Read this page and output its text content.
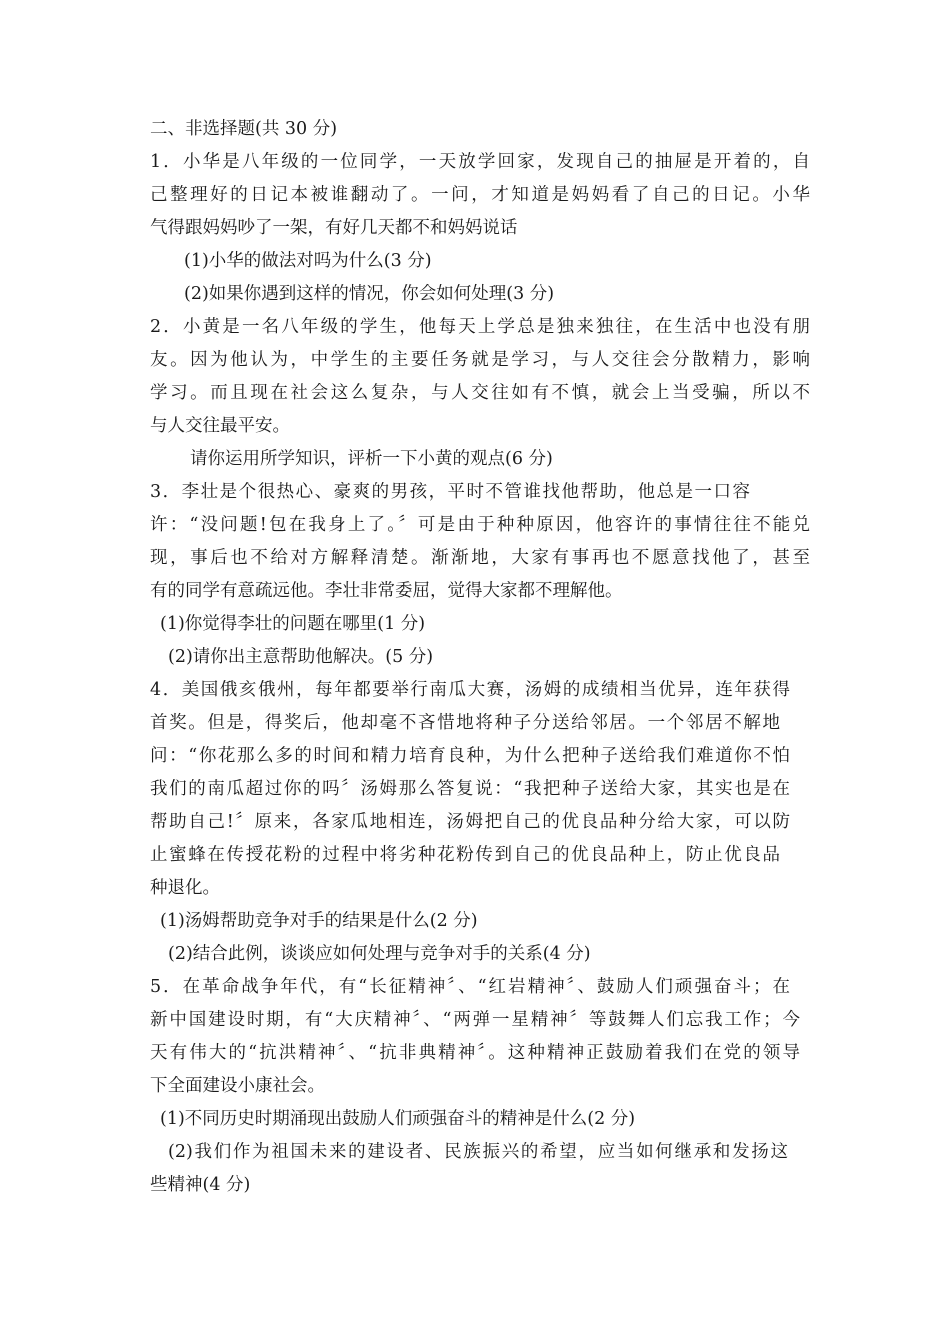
二、非选择题(共 30 分)
1．小华是八年级的一位同学，一天放学回家，发现自己的抽屉是开着的，自
己整理好的日记本被谁翻动了。一问，才知道是妈妈看了自己的日记。小华
气得跟妈妈吵了一架，有好几天都不和妈妈说话
(1)小华的做法对吗为什么(3 分)
(2)如果你遇到这样的情况，你会如何处理(3 分)
2．小黄是一名八年级的学生，他每天上学总是独来独往，在生活中也没有朋
友。因为他认为，中学生的主要任务就是学习，与人交往会分散精力，影响
学习。而且现在社会这么复杂，与人交往如有不慎，就会上当受骗，所以不
与人交往最平安。
请你运用所学知识，评析一下小黄的观点(6 分)
3．李壮是个很热心、豪爽的男孩，平时不管谁找他帮助，他总是一口容
许：“没问题!包在我身上了。〞可是由于种种原因，他容许的事情往往不能兑
现，事后也不给对方解释清楚。渐渐地，大家有事再也不愿意找他了，甚至
有的同学有意疏远他。李壮非常委屈，觉得大家都不理解他。
(1)你觉得李壮的问题在哪里(1 分)
(2)请你出主意帮助他解决。(5 分)
4．美国俄亥俄州，每年都要举行南瓜大赛，汤姆的成绩相当优异，连年获得
首奖。但是，得奖后，他却毫不吝惜地将种子分送给邻居。一个邻居不解地
问：“你花那么多的时间和精力培育良种，为什么把种子送给我们难道你不怕
我们的南瓜超过你的吗〞汤姆那么答复说：“我把种子送给大家，其实也是在
帮助自己!〞原来，各家瓜地相连，汤姆把自己的优良品种分给大家，可以防
止蜜蜂在传授花粉的过程中将劣种花粉传到自己的优良品种上，防止优良品
种退化。
(1)汤姆帮助竞争对手的结果是什么(2 分)
(2)结合此例，谈谈应如何处理与竞争对手的关系(4 分)
5．在革命战争年代，有“长征精神〞、“红岩精神〞、鼓励人们顽强奋斗；在
新中国建设时期，有“大庆精神〞、“两弹一星精神〞等鼓舞人们忘我工作；今
天有伟大的“抗洪精神〞、“抗非典精神〞。这种精神正鼓励着我们在党的领导
下全面建设小康社会。
(1)不同历史时期涌现出鼓励人们顽强奋斗的精神是什么(2 分)
(2)我们作为祖国未来的建设者、民族振兴的希望，应当如何继承和发扬这
些精神(4 分)
